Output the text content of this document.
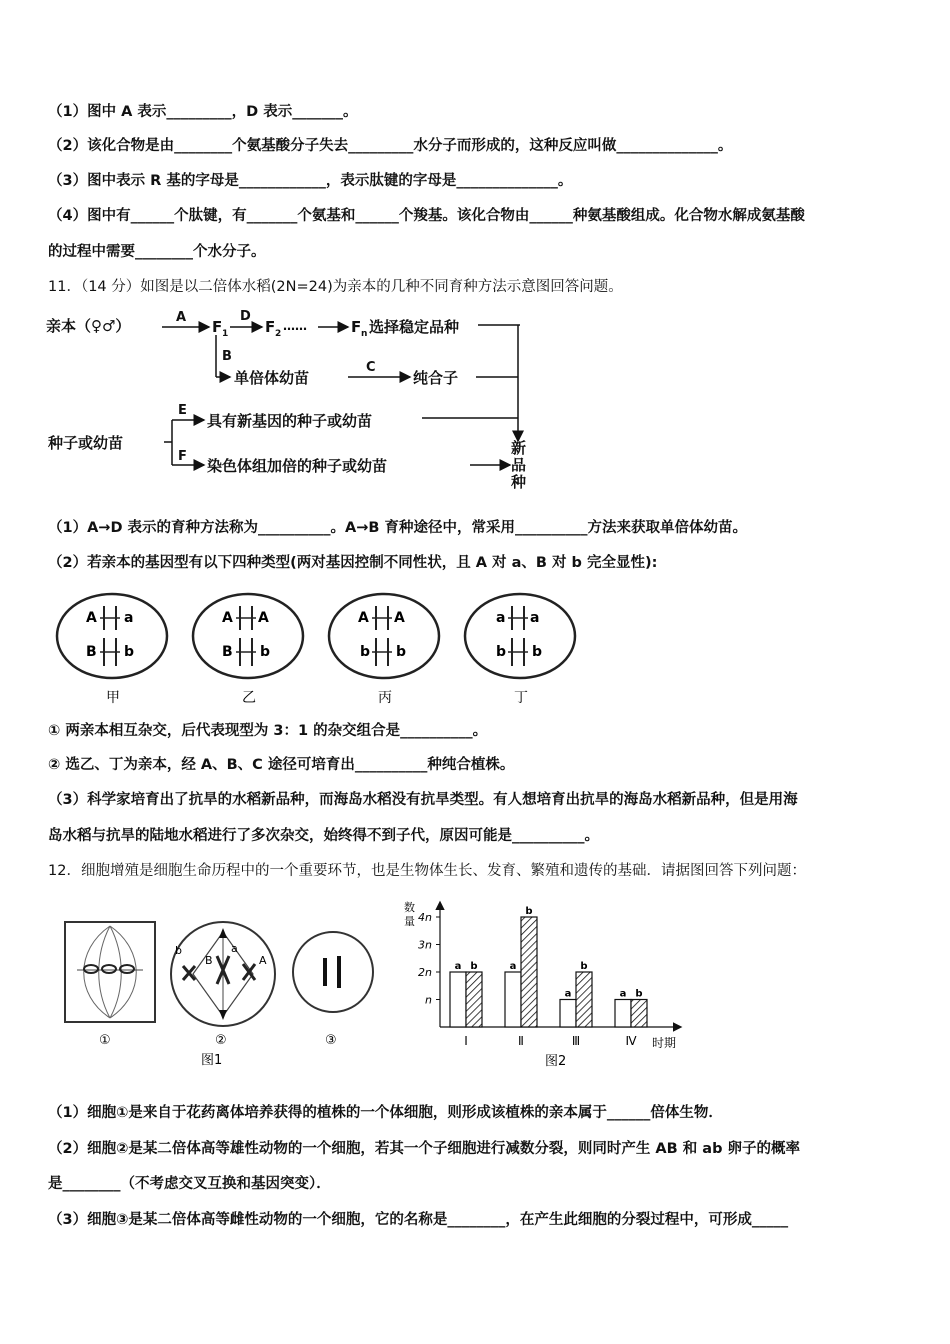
（1）图中 A 表示_________，D 表示_______。
（2）该化合物是由________个氨基酸分子失去_________水分子而形成的，这种反应叫做______________。
（3）图中表示 R 基的字母是____________，表示肽键的字母是______________。
（4）图中有______个肽键，有_______个氨基和______个羧基。该化合物由______种氨基酸组成。化合物水解成氨基酸
的过程中需要________个水分子。
11．（14 分）如图是以二倍体水稻(2N=24)为亲本的几种不同育种方法示意图回答问题。
亲本（♀♂）	A
F 1
D
F 2
……	F n 选择稳定品种
B
单倍体幼苗
C
纯合子
种子或幼苗
E
具有新基因的种子或幼苗
F
染色体组加倍的种子或幼苗
新
品
种
（1）A→D 表示的育种方法称为__________。A→B 育种途径中，常采用__________方法来获取单倍体幼苗。
（2）若亲本的基因型有以下四种类型(两对基因控制不同性状，且 A 对 a、B 对 b 完全显性):
A a
B b
甲
A A
B b
乙
A A
b b
丙
a a
b b
丁
① 两亲本相互杂交，后代表现型为 3：1 的杂交组合是__________。
② 选乙、丁为亲本，经 A、B、C 途径可培育出__________种纯合植株。
（3）科学家培育出了抗旱的水稻新品种，而海岛水稻没有抗旱类型。有人想培育出抗旱的海岛水稻新品种，但是用海
岛水稻与抗旱的陆地水稻进行了多次杂交，始终得不到子代，原因可能是__________。
12．细胞增殖是细胞生命历程中的一个重要环节，也是生物体生长、发育、繁殖和遗传的基础．请据图回答下列问题：
①
b
B
a
A
②
图1
③
数
量
时期
图2
n
2n
3n
4n
a b
Ⅰ
a
b
Ⅱ
a
b
Ⅲ
a b
Ⅳ
（1）细胞①是来自于花药离体培养获得的植株的一个体细胞，则形成该植株的亲本属于______倍体生物．
（2）细胞②是某二倍体高等雄性动物的一个细胞，若其一个子细胞进行减数分裂，则同时产生 AB 和 ab 卵子的概率
是________（不考虑交叉互换和基因突变）．
（3）细胞③是某二倍体高等雌性动物的一个细胞，它的名称是________，在产生此细胞的分裂过程中，可形成_____
